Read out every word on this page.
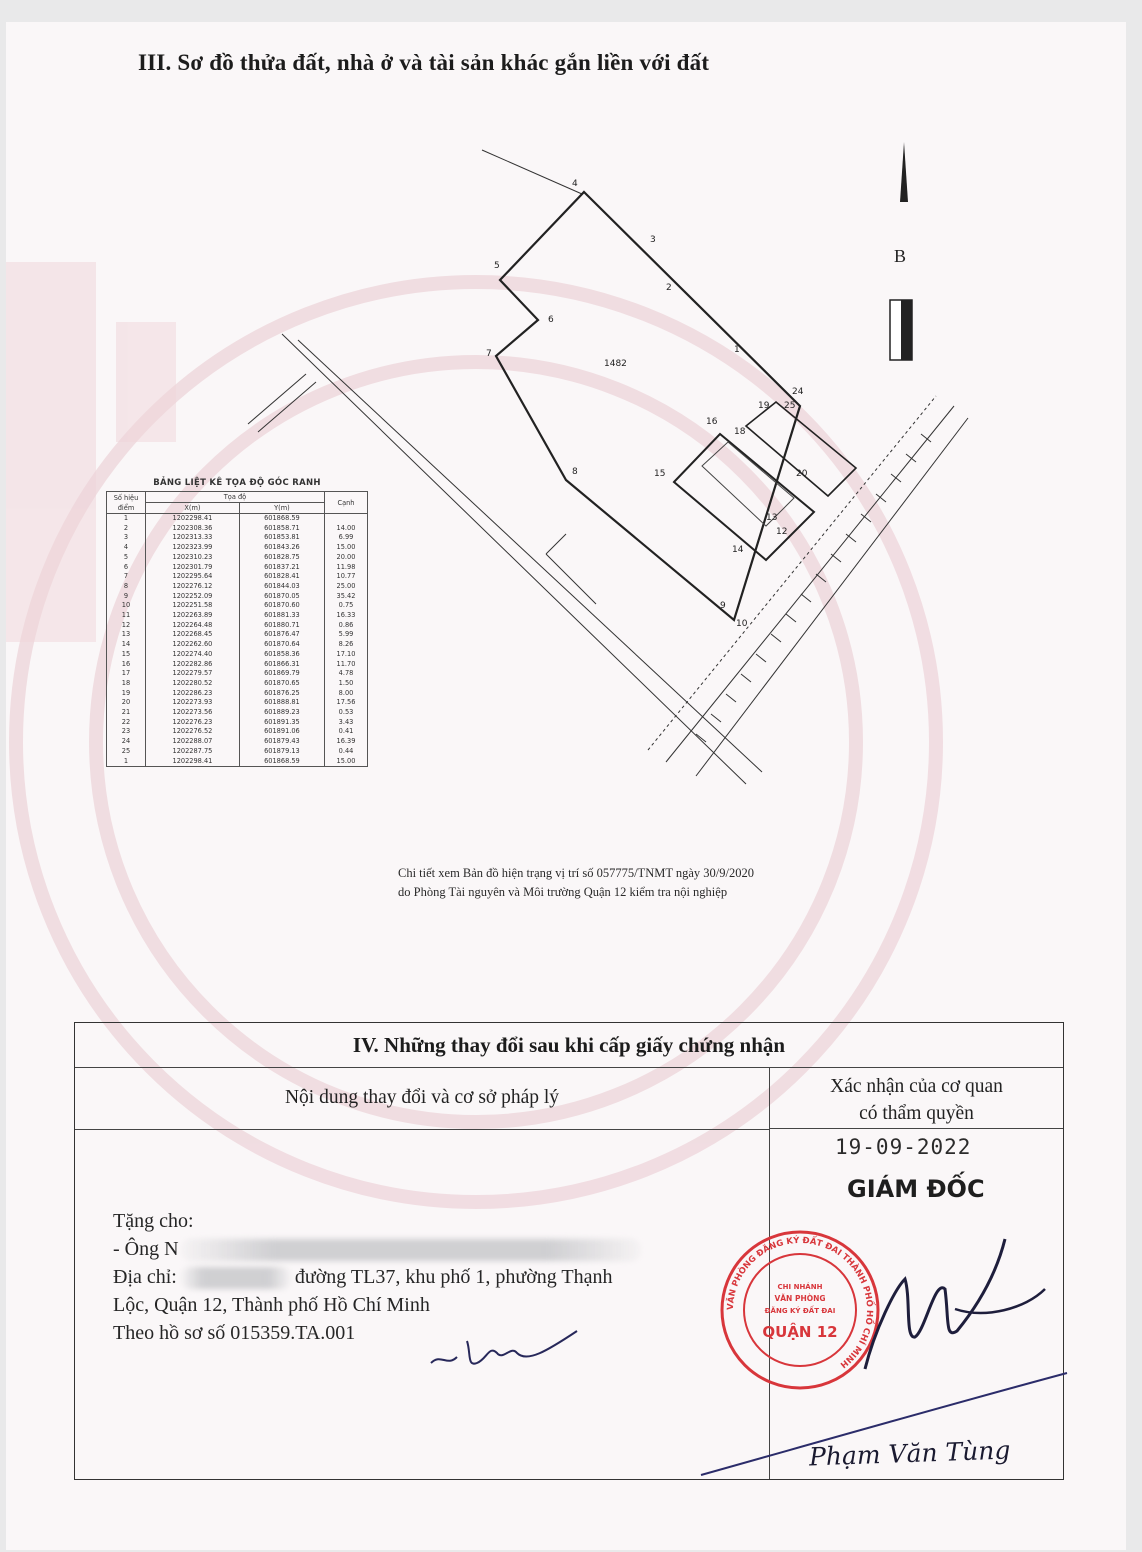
III. Sơ đồ thửa đất, nhà ở và tài sản khác gắn liền với đất
1
2
3
4
5
6
7
8
9
10
12
13
14
15
16
18
19
20
25
24
1482
B
BẢNG LIỆT KÊ TỌA ĐỘ GÓC RANH
Số hiệu điểm	Tọa độ		Cạnh
	X(m)	Y(m)	
1	1202298.41	601868.59	
2	1202308.36	601858.71	14.00
3	1202313.33	601853.81	6.99
4	1202323.99	601843.26	15.00
5	1202310.23	601828.75	20.00
6	1202301.79	601837.21	11.98
7	1202295.64	601828.41	10.77
8	1202276.12	601844.03	25.00
9	1202252.09	601870.05	35.42
10	1202251.58	601870.60	0.75
11	1202263.89	601881.33	16.33
12	1202264.48	601880.71	0.86
13	1202268.45	601876.47	5.99
14	1202262.60	601870.64	8.26
15	1202274.40	601858.36	17.10
16	1202282.86	601866.31	11.70
17	1202279.57	601869.79	4.78
18	1202280.52	601870.65	1.50
19	1202286.23	601876.25	8.00
20	1202273.93	601888.81	17.56
21	1202273.56	601889.23	0.53
22	1202276.23	601891.35	3.43
23	1202276.52	601891.06	0.41
24	1202288.07	601879.43	16.39
25	1202287.75	601879.13	0.44
1	1202298.41	601868.59	15.00
Chi tiết xem Bản đồ hiện trạng vị trí số 057775/TNMT ngày 30/9/2020
do Phòng Tài nguyên và Môi trường Quận 12 kiểm tra nội nghiệp
IV. Những thay đổi sau khi cấp giấy chứng nhận
Nội dung thay đổi và cơ sở pháp lý
Xác nhận của cơ quan
có thẩm quyền
Tặng cho:
- Ông N
Địa chỉ:	đường TL37, khu phố 1, phường Thạnh
Lộc, Quận 12, Thành phố Hồ Chí Minh
Theo hồ sơ số 015359.TA.001
19-09-2022
GIÁM ĐỐC
VĂN PHÒNG ĐĂNG KÝ ĐẤT ĐAI THÀNH PHỐ HỒ CHÍ MINH
CHI NHÁNH
VĂN PHÒNG
ĐĂNG KÝ ĐẤT ĐAI
QUẬN 12
Phạm Văn Tùng
